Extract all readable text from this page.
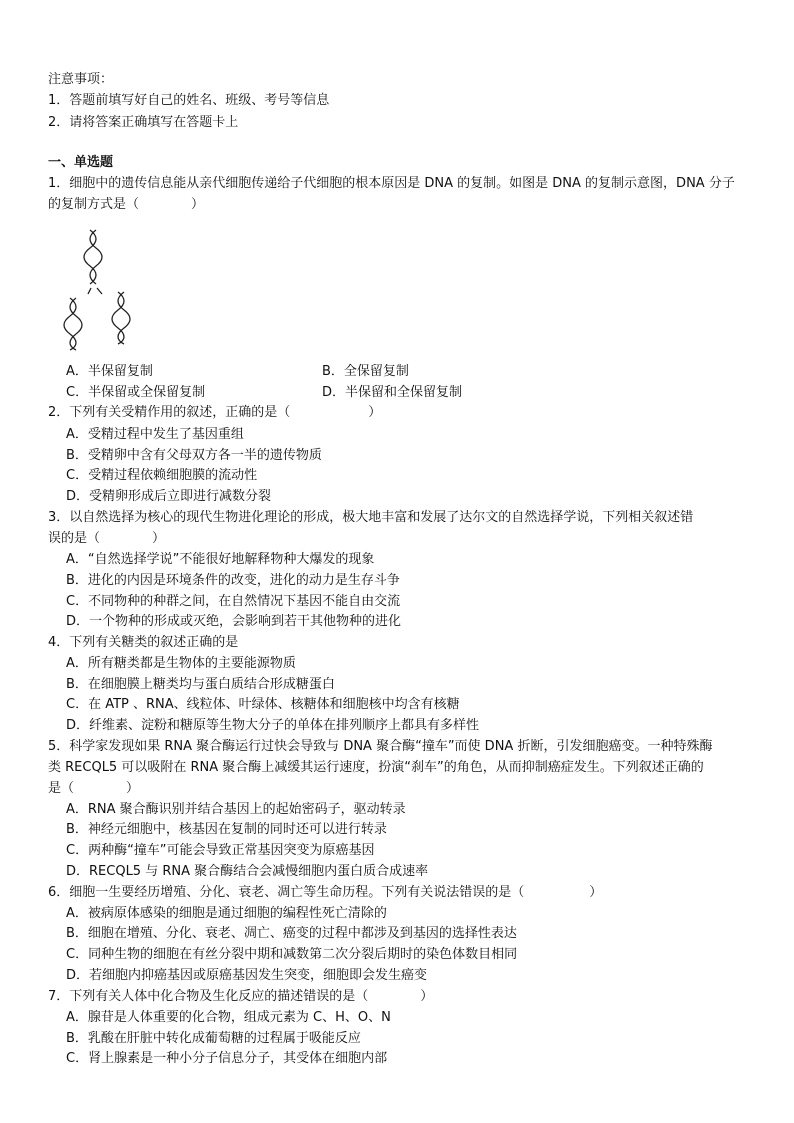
注意事项：
1．答题前填写好自己的姓名、班级、考号等信息
2．请将答案正确填写在答题卡上
一、单选题
1．细胞中的遗传信息能从亲代细胞传递给子代细胞的根本原因是 DNA 的复制。如图是 DNA 的复制示意图，DNA 分子
的复制方式是（　　　　）
A．半保留复制	B．全保留复制
C．半保留或全保留复制	D．半保留和全保留复制
2．下列有关受精作用的叙述，正确的是（　　　　　　）
A．受精过程中发生了基因重组
B．受精卵中含有父母双方各一半的遗传物质
C．受精过程依赖细胞膜的流动性
D．受精卵形成后立即进行减数分裂
3．以自然选择为核心的现代生物进化理论的形成，极大地丰富和发展了达尔文的自然选择学说，下列相关叙述错
误的是（　　　　）
A．“自然选择学说”不能很好地解释物种大爆发的现象
B．进化的内因是环境条件的改变，进化的动力是生存斗争
C．不同物种的种群之间，在自然情况下基因不能自由交流
D．一个物种的形成或灭绝，会影响到若干其他物种的进化
4．下列有关糖类的叙述正确的是
A．所有糖类都是生物体的主要能源物质
B．在细胞膜上糖类均与蛋白质结合形成糖蛋白
C．在 ATP 、RNA、线粒体、叶绿体、核糖体和细胞核中均含有核糖
D．纤维素、淀粉和糖原等生物大分子的单体在排列顺序上都具有多样性
5．科学家发现如果 RNA 聚合酶运行过快会导致与 DNA 聚合酶“撞车”而使 DNA 折断，引发细胞癌变。一种特殊酶
类 RECQL5 可以吸附在 RNA 聚合酶上减缓其运行速度，扮演“刹车”的角色，从而抑制癌症发生。下列叙述正确的
是（　　　　）
A．RNA 聚合酶识别并结合基因上的起始密码子，驱动转录
B．神经元细胞中，核基因在复制的同时还可以进行转录
C．两种酶“撞车”可能会导致正常基因突变为原癌基因
D．RECQL5 与 RNA 聚合酶结合会减慢细胞内蛋白质合成速率
6．细胞一生要经历增殖、分化、衰老、凋亡等生命历程。下列有关说法错误的是（　　　　　）
A．被病原体感染的细胞是通过细胞的编程性死亡清除的
B．细胞在增殖、分化、衰老、凋亡、癌变的过程中都涉及到基因的选择性表达
C．同种生物的细胞在有丝分裂中期和减数第二次分裂后期时的染色体数目相同
D．若细胞内抑癌基因或原癌基因发生突变，细胞即会发生癌变
7．下列有关人体中化合物及生化反应的描述错误的是（　　　　）
A．腺苷是人体重要的化合物，组成元素为 C、H、O、N
B．乳酸在肝脏中转化成葡萄糖的过程属于吸能反应
C．肾上腺素是一种小分子信息分子，其受体在细胞内部
